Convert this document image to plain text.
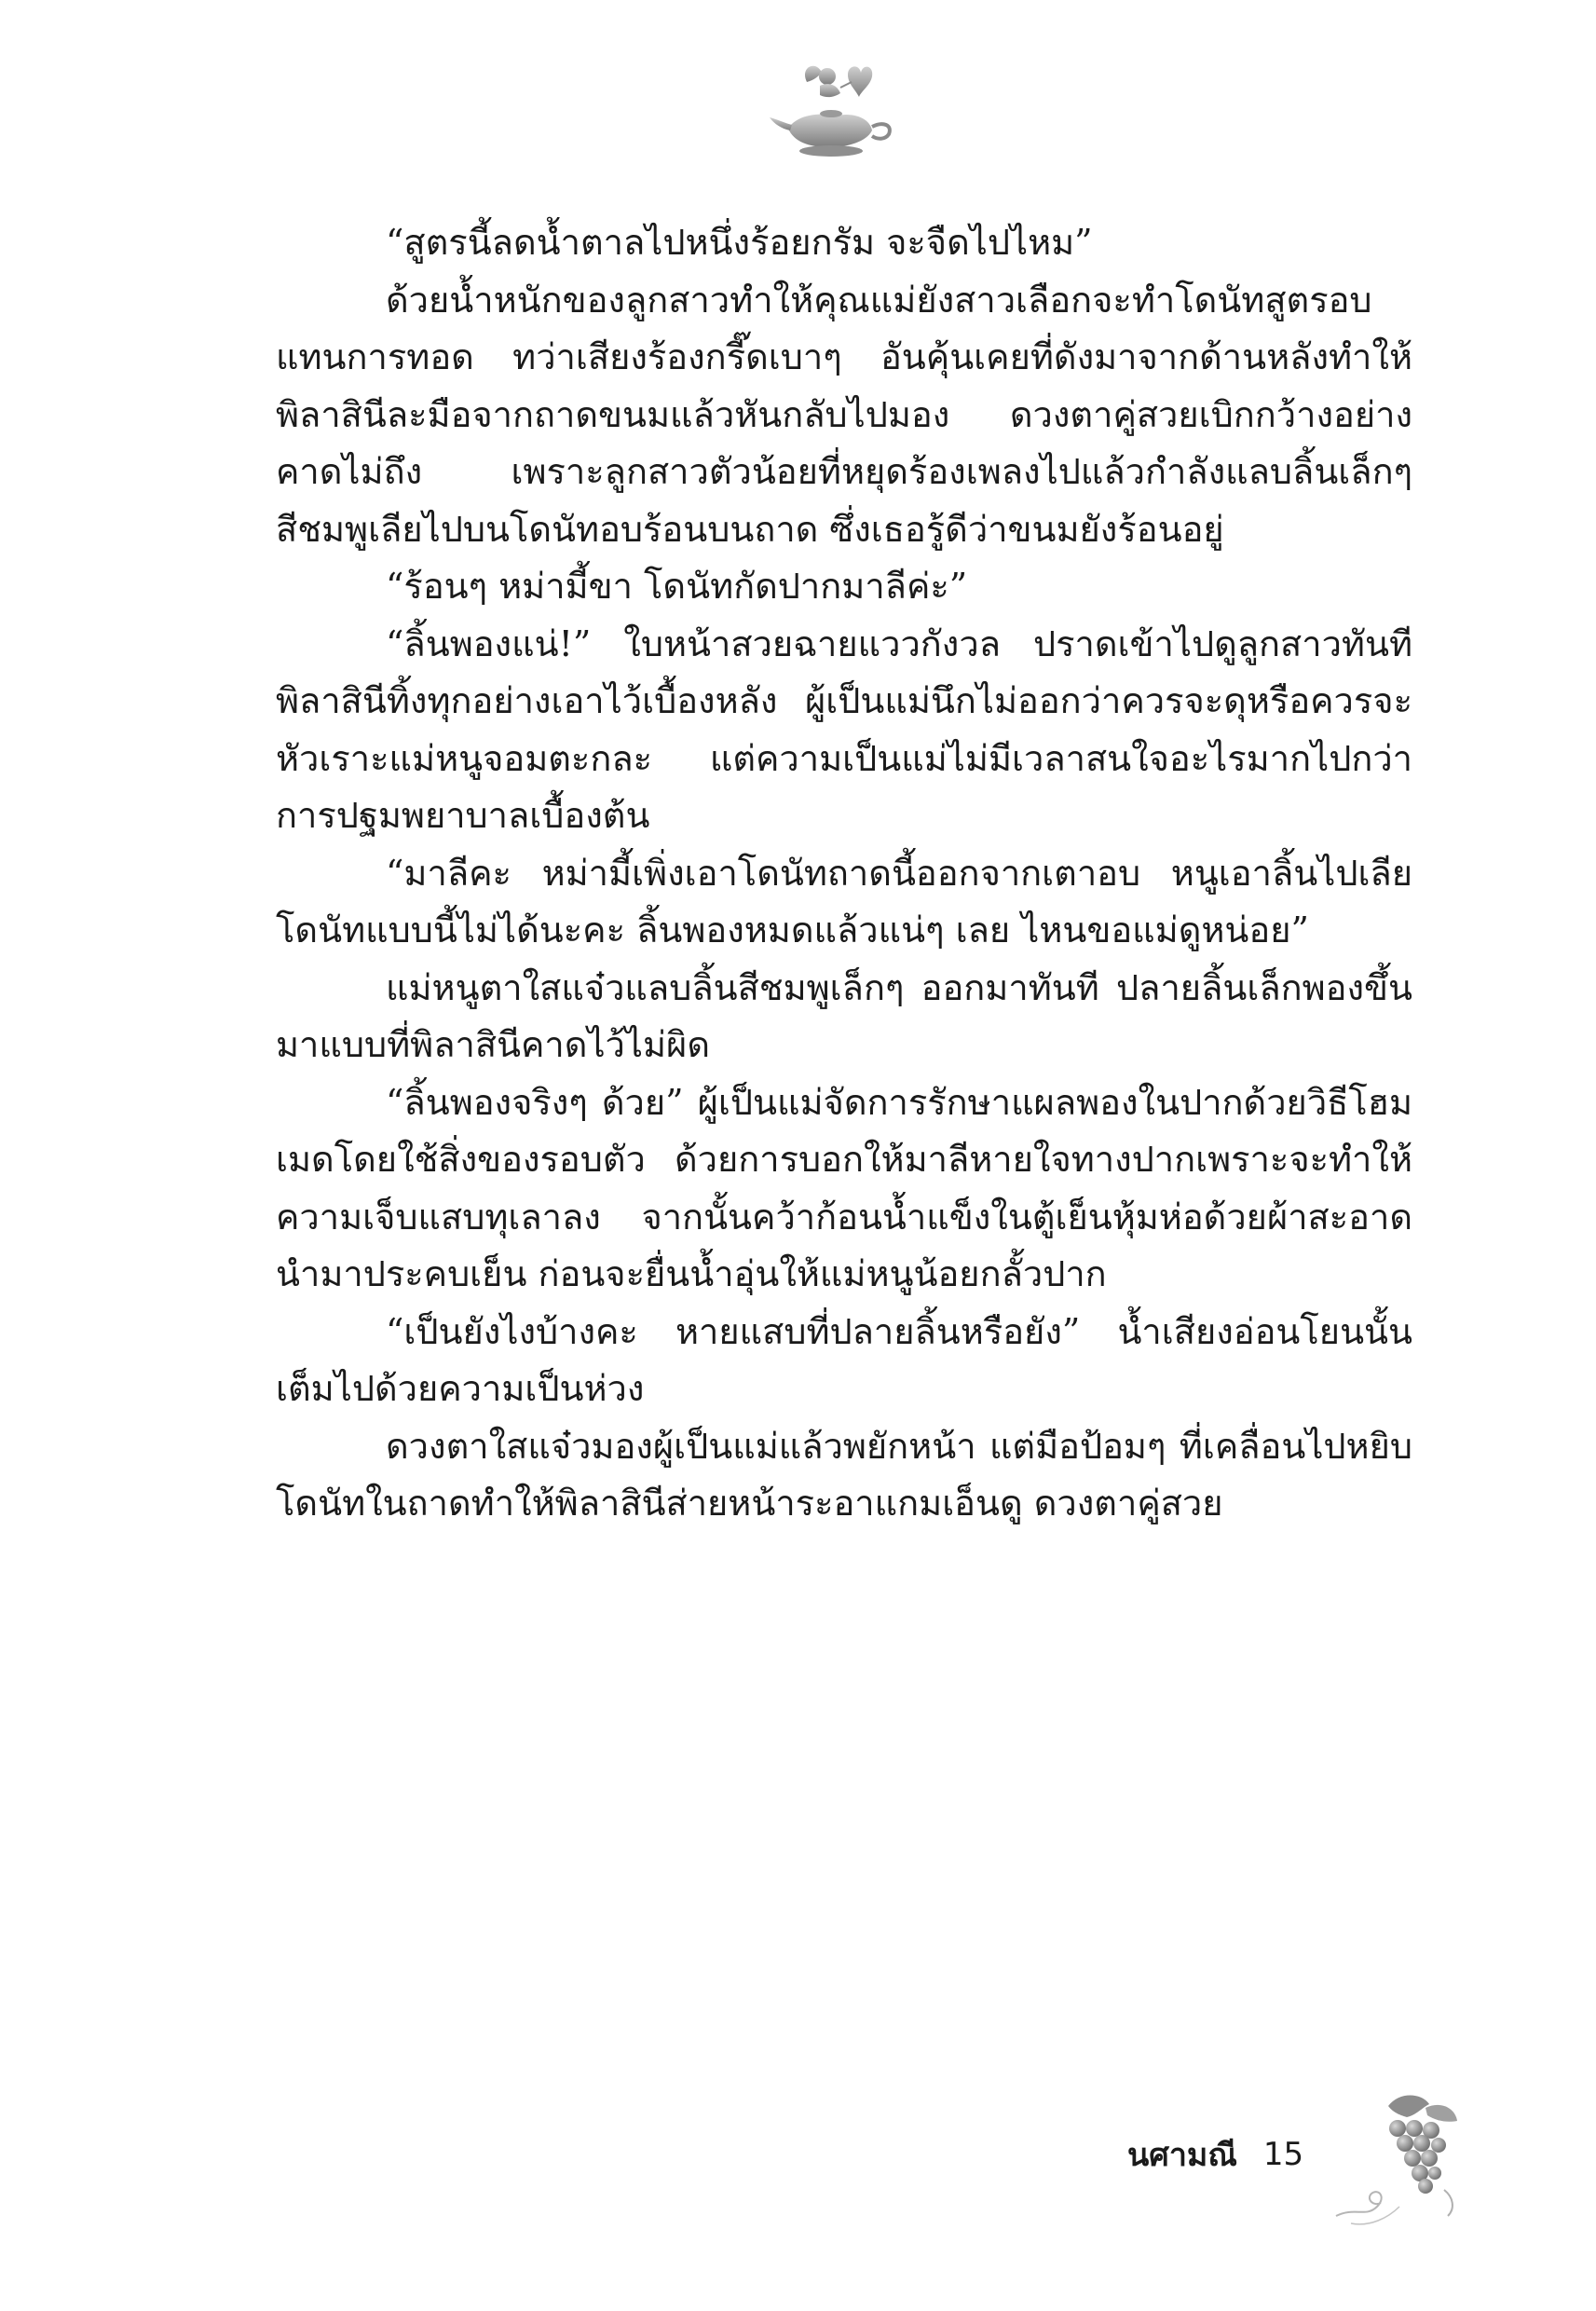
“สูตรนี้ลดน้ำตาลไปหนึ่งร้อยกรัม จะจืดไปไหม”

ด้วยน้ำหนักของลูกสาวทำให้คุณแม่ยังสาวเลือกจะทำโดนัทสูตรอบแทนการทอด ทว่าเสียงร้องกรี๊ดเบาๆ อันคุ้นเคยที่ดังมาจากด้านหลังทำให้พิลาสินีละมือจากถาดขนมแล้วหันกลับไปมอง ดวงตาคู่สวยเบิกกว้างอย่างคาดไม่ถึง เพราะลูกสาวตัวน้อยที่หยุดร้องเพลงไปแล้วกำลังแลบลิ้นเล็กๆ สีชมพูเลียไปบนโดนัทอบร้อนบนถาด ซึ่งเธอรู้ดีว่าขนมยังร้อนอยู่

“ร้อนๆ หม่ามี้ขา โดนัทกัดปากมาลีค่ะ”

“ลิ้นพองแน่!” ใบหน้าสวยฉายแววกังวล ปราดเข้าไปดูลูกสาวทันที พิลาสินีทิ้งทุกอย่างเอาไว้เบื้องหลัง ผู้เป็นแม่นึกไม่ออกว่าควรจะดุหรือควรจะหัวเราะแม่หนูจอมตะกละ แต่ความเป็นแม่ไม่มีเวลาสนใจอะไรมากไปกว่าการปฐมพยาบาลเบื้องต้น

“มาลีคะ หม่ามี้เพิ่งเอาโดนัทถาดนี้ออกจากเตาอบ หนูเอาลิ้นไปเลียโดนัทแบบนี้ไม่ได้นะคะ ลิ้นพองหมดแล้วแน่ๆ เลย ไหนขอแม่ดูหน่อย”

แม่หนูตาใสแจ๋วแลบลิ้นสีชมพูเล็กๆ ออกมาทันที ปลายลิ้นเล็กพองขึ้นมาแบบที่พิลาสินีคาดไว้ไม่ผิด

“ลิ้นพองจริงๆ ด้วย” ผู้เป็นแม่จัดการรักษาแผลพองในปากด้วยวิธีโฮมเมดโดยใช้สิ่งของรอบตัว ด้วยการบอกให้มาลีหายใจทางปากเพราะจะทำให้ความเจ็บแสบทุเลาลง จากนั้นคว้าก้อนน้ำแข็งในตู้เย็นหุ้มห่อด้วยผ้าสะอาดนำมาประคบเย็น ก่อนจะยื่นน้ำอุ่นให้แม่หนูน้อยกลั้วปาก

“เป็นยังไงบ้างคะ หายแสบที่ปลายลิ้นหรือยัง” น้ำเสียงอ่อนโยนนั้นเต็มไปด้วยความเป็นห่วง

ดวงตาใสแจ๋วมองผู้เป็นแม่แล้วพยักหน้า แต่มือป้อมๆ ที่เคลื่อนไปหยิบโดนัทในถาดทำให้พิลาสินีส่ายหน้าระอาแกมเอ็นดู ดวงตาคู่สวย

นศามณี 15
